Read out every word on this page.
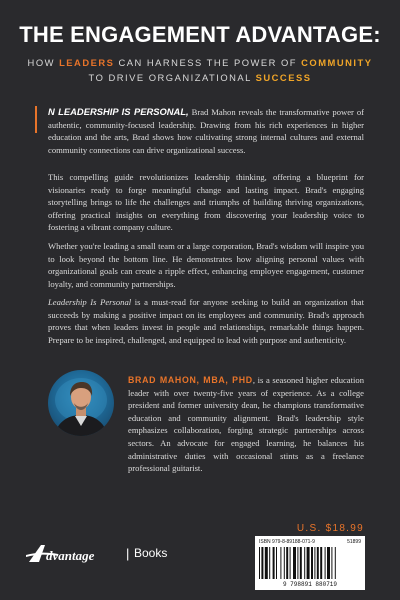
THE ENGAGEMENT ADVANTAGE:
HOW LEADERS CAN HARNESS THE POWER OF COMMUNITY
TO DRIVE ORGANIZATIONAL SUCCESS

N LEADERSHIP IS PERSONAL, Brad Mahon reveals the transformative power of authentic, community-focused leadership. Drawing from his rich experiences in higher education and the arts, Brad shows how cultivating strong internal cultures and external community connections can drive organizational success.

This compelling guide revolutionizes leadership thinking, offering a blueprint for visionaries ready to forge meaningful change and lasting impact. Brad's engaging storytelling brings to life the challenges and triumphs of building thriving organizations, offering practical insights on everything from discovering your leadership voice to fostering a vibrant company culture.

Whether you're leading a small team or a large corporation, Brad's wisdom will inspire you to look beyond the bottom line. He demonstrates how aligning personal values with organizational goals can create a ripple effect, enhancing employee engagement, customer loyalty, and community partnerships.

Leadership Is Personal is a must-read for anyone seeking to build an organization that succeeds by making a positive impact on its employees and community. Brad's approach proves that when leaders invest in people and relationships, remarkable things happen. Prepare to be inspired, challenged, and equipped to lead with purpose and authenticity.

BRAD MAHON, MBA, PHD, is a seasoned higher education leader with over twenty-five years of experience. As a college president and former university dean, he champions transformative education and community alignment. Brad's leadership style emphasizes collaboration, forging strategic partnerships across sectors. An advocate for engaged learning, he balances his administrative duties with occasional stints as a freelance professional guitarist.

U.S. $18.99
ISBN 979-8-89188-071-9	51899
9 798891 880719
dvantage | Books
